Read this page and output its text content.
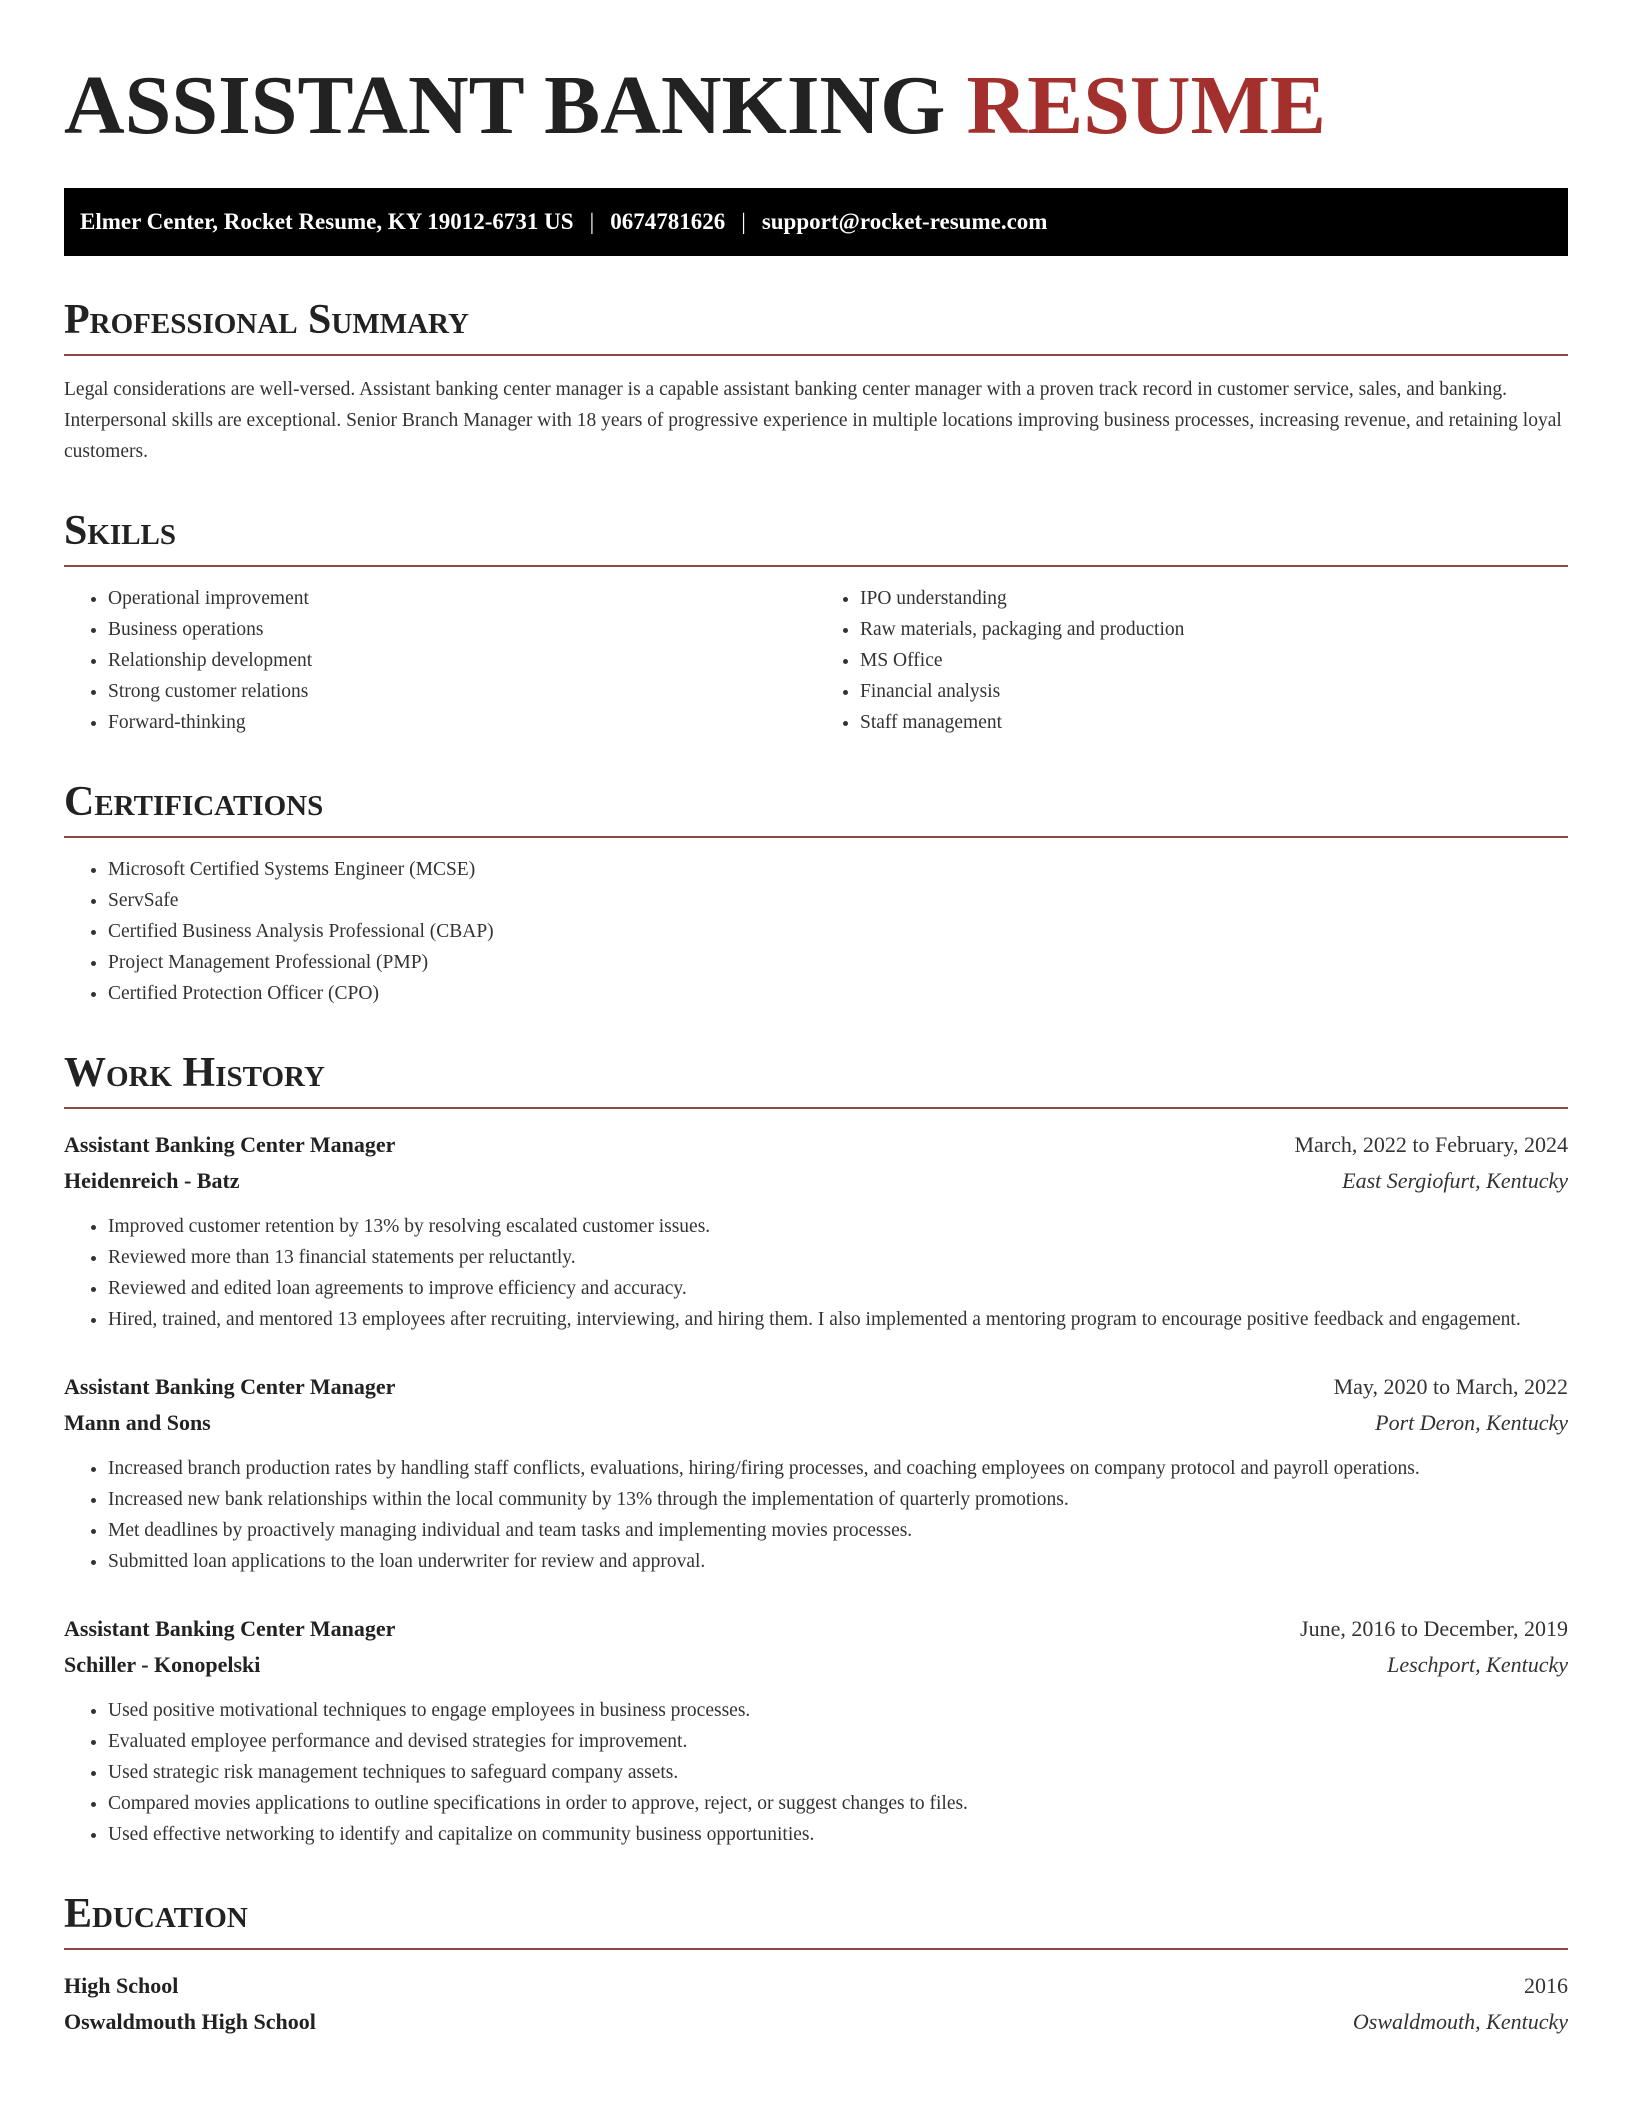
ASSISTANT BANKING RESUME
Elmer Center, Rocket Resume, KY 19012-6731 US | 0674781626 | support@rocket-resume.com
Professional Summary

Legal considerations are well-versed. Assistant banking center manager is a capable assistant banking center manager with a proven track record in customer service, sales, and banking. Interpersonal skills are exceptional. Senior Branch Manager with 18 years of progressive experience in multiple locations improving business processes, increasing revenue, and retaining loyal customers.

Skills
• Operational improvement
• Business operations
• Relationship development
• Strong customer relations
• Forward-thinking
• IPO understanding
• Raw materials, packaging and production
• MS Office
• Financial analysis
• Staff management
Certifications
• Microsoft Certified Systems Engineer (MCSE)
• ServSafe
• Certified Business Analysis Professional (CBAP)
• Project Management Professional (PMP)
• Certified Protection Officer (CPO)
Work History
Assistant Banking Center Manager	March, 2022 to February, 2024
Heidenreich - Batz	East Sergiofurt, Kentucky
• Improved customer retention by 13% by resolving escalated customer issues.
• Reviewed more than 13 financial statements per reluctantly.
• Reviewed and edited loan agreements to improve efficiency and accuracy.
• Hired, trained, and mentored 13 employees after recruiting, interviewing, and hiring them. I also implemented a mentoring program to encourage positive feedback and engagement.
Assistant Banking Center Manager	May, 2020 to March, 2022
Mann and Sons	Port Deron, Kentucky
• Increased branch production rates by handling staff conflicts, evaluations, hiring/firing processes, and coaching employees on company protocol and payroll operations.
• Increased new bank relationships within the local community by 13% through the implementation of quarterly promotions.
• Met deadlines by proactively managing individual and team tasks and implementing movies processes.
• Submitted loan applications to the loan underwriter for review and approval.
Assistant Banking Center Manager	June, 2016 to December, 2019
Schiller - Konopelski	Leschport, Kentucky
• Used positive motivational techniques to engage employees in business processes.
• Evaluated employee performance and devised strategies for improvement.
• Used strategic risk management techniques to safeguard company assets.
• Compared movies applications to outline specifications in order to approve, reject, or suggest changes to files.
• Used effective networking to identify and capitalize on community business opportunities.
Education
High School	2016
Oswaldmouth High School	Oswaldmouth, Kentucky
